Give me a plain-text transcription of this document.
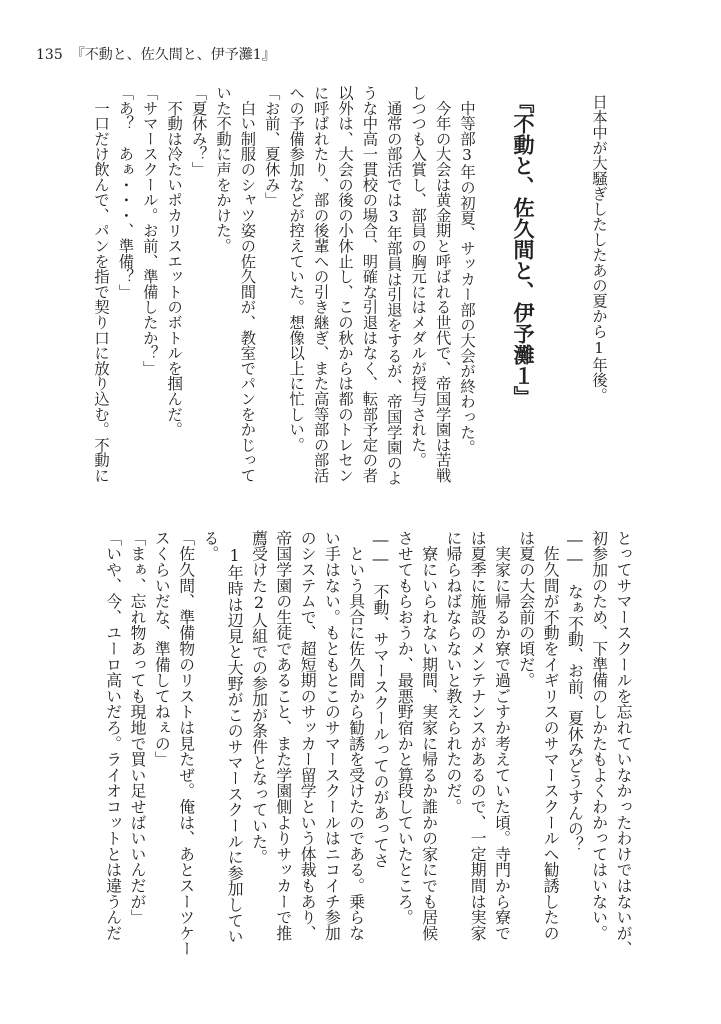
135 『不動と、佐久間と、伊予灘1』
日本中が大騒ぎしたしたあの夏から1年後。
『不動と、佐久間と、伊予灘１』
　中等部3年の初夏、サッカー部の大会が終わった。
　今年の大会は黄金期と呼ばれる世代で、帝国学園は苦戦
しつつも入賞し、部員の胸元にはメダルが授与された。
　通常の部活では3年部員は引退をするが、帝国学園のよ
うな中高一貫校の場合、明確な引退はなく、転部予定の者
以外は、大会の後の小休止し、この秋からは都のトレセン
に呼ばれたり、部の後輩への引き継ぎ、また高等部の部活
への予備参加などが控えていた。想像以上に忙しい。
「お前、夏休み」
　白い制服のシャツ姿の佐久間が、教室でパンをかじって
いた不動に声をかけた。
「夏休み？」
　不動は冷たいポカリスエットのボトルを掴んだ。
「サマースクール。お前、準備したか？」
「あ？　あぁ・・・、準備？」
　一口だけ飲んで、パンを指で契り口に放り込む。不動に
とってサマースクールを忘れていなかったわけではないが、
初参加のため、下準備のしかたもよくわかってはいない。
――　なぁ不動、お前、夏休みどうすんの？
　佐久間が不動をイギリスのサマースクールへ勧誘したの
は夏の大会前の頃だ。
　実家に帰るか寮で過ごすか考えていた頃。寺門から寮で
は夏季に施設のメンテナンスがあるので、一定期間は実家
に帰らねばならないと教えられたのだ。
　寮にいられない期間、実家に帰るか誰かの家にでも居候
させてもらおうか、最悪野宿かと算段していたところ。
――　不動、サマースクールってのがあってさ
　という具合に佐久間から勧誘を受けたのである。乗らな
い手はない。もともとこのサマースクールはニコイチ参加
のシステムで、超短期のサッカー留学という体裁もあり、
帝国学園の生徒であること、また学園側よりサッカーで推
薦受けた2人組での参加が条件となっていた。
　1年時は辺見と大野がこのサマースクールに参加してい
る。
「佐久間、準備物のリストは見たぜ。俺は、あとスーツケー
スくらいだな、準備してねぇの」
「まぁ、忘れ物あっても現地で買い足せばいいんだが」
「いや、今、ユーロ高いだろ。ライオコットとは違うんだ
